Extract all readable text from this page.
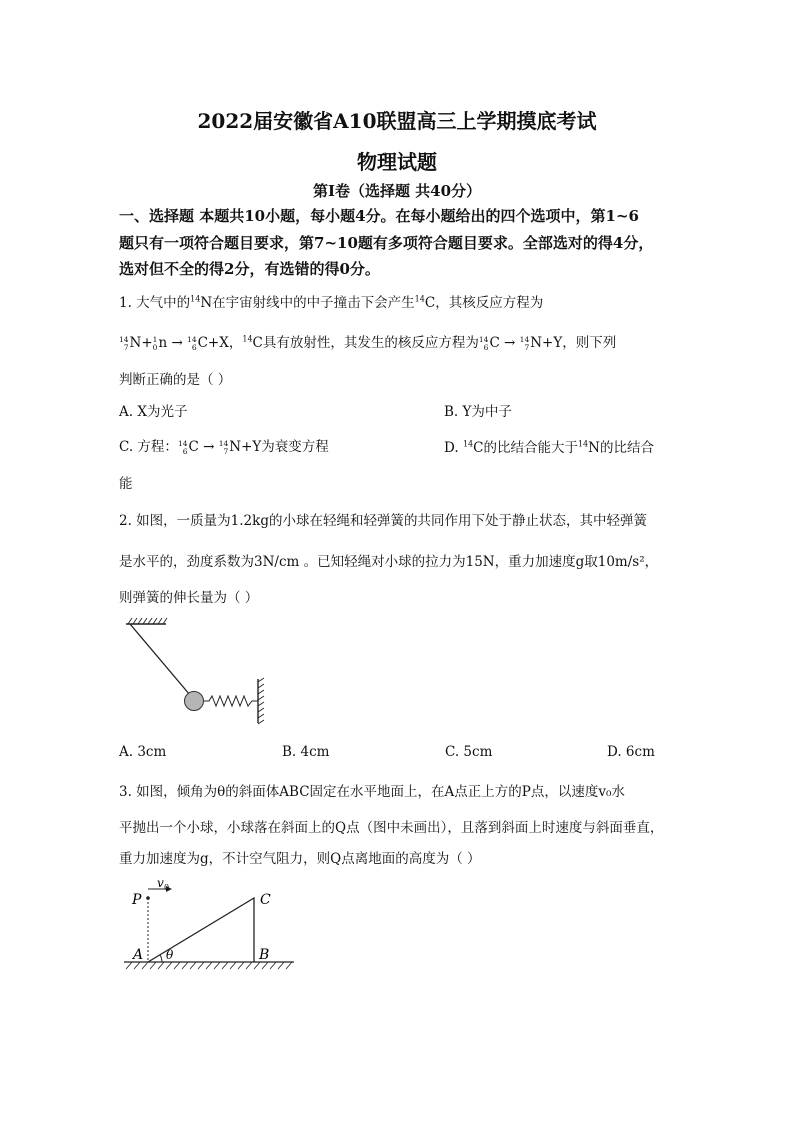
2022届安徽省A10联盟高三上学期摸底考试
物理试题
第Ⅰ卷（选择题 共40分）
一、选择题 本题共10小题，每小题4分。在每小题给出的四个选项中，第1~6
题只有一项符合题目要求，第7~10题有多项符合题目要求。全部选对的得4分，
选对但不全的得2分，有选错的得0分。
1. 大气中的$^{14}$N在宇宙射线中的中子撞击下会产生$^{14}$C，其核反应方程为
14
7 N+ 1
0 n → 14
6 C+X，$^{14}$C具有放射性，其发生的核反应方程为 14
6 C → 14
7 N+Y，则下列
判断正确的是（ ）
A. X为光子	B. Y为中子
C. 方程： 14
6 C → 14
7 N+Y为衰变方程	D. $^{14}$C的比结合能大于$^{14}$N的比结合
能
2. 如图，一质量为1.2kg的小球在轻绳和轻弹簧的共同作用下处于静止状态，其中轻弹簧
是水平的，劲度系数为3N/cm 。已知轻绳对小球的拉力为15N，重力加速度g取10m/s²，
则弹簧的伸长量为（ ）
A. 3cm	B. 4cm	C. 5cm	D. 6cm
3. 如图，倾角为θ的斜面体ABC固定在水平地面上，在A点正上方的P点，以速度v₀水
平抛出一个小球，小球落在斜面上的Q点（图中未画出），且落到斜面上时速度与斜面垂直，
重力加速度为g，不计空气阻力，则Q点离地面的高度为（ ）
P
v 0
C
A	B
θ
